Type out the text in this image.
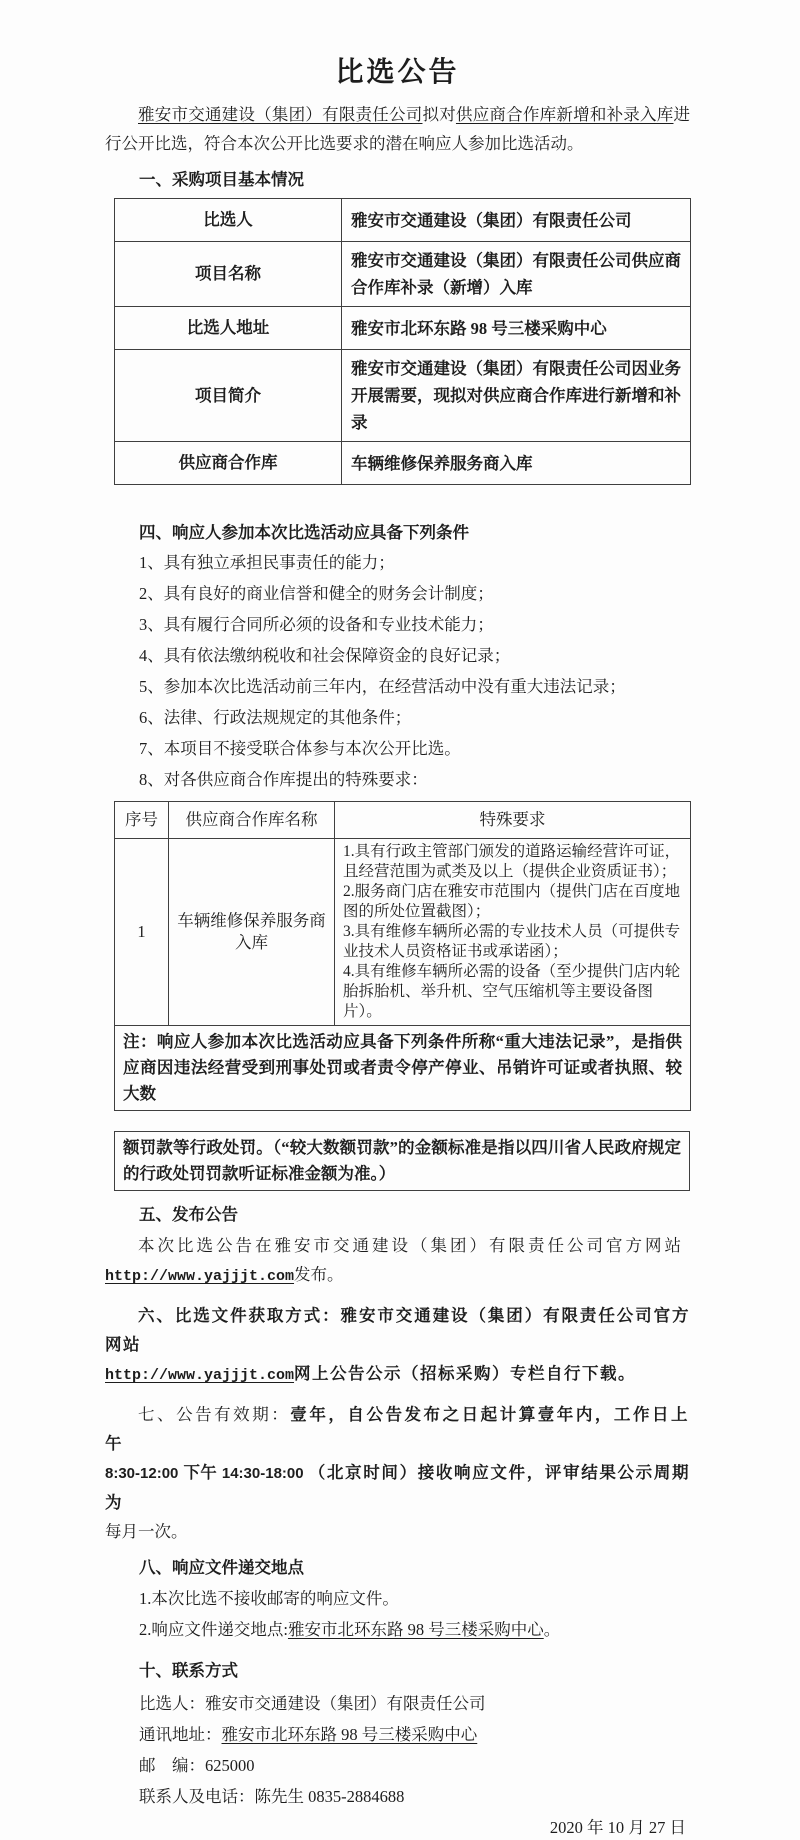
比选公告
雅安市交通建设（集团）有限责任公司拟对供应商合作库新增和补录入库进行公开比选，符合本次公开比选要求的潜在响应人参加比选活动。
一、采购项目基本情况
比选人	雅安市交通建设（集团）有限责任公司
项目名称	雅安市交通建设（集团）有限责任公司供应商合作库补录（新增）入库
比选人地址	雅安市北环东路 98 号三楼采购中心
项目简介	雅安市交通建设（集团）有限责任公司因业务开展需要，现拟对供应商合作库进行新增和补录
供应商合作库	车辆维修保养服务商入库
四、响应人参加本次比选活动应具备下列条件
1、具有独立承担民事责任的能力；
2、具有良好的商业信誉和健全的财务会计制度；
3、具有履行合同所必须的设备和专业技术能力；
4、具有依法缴纳税收和社会保障资金的良好记录；
5、参加本次比选活动前三年内，在经营活动中没有重大违法记录；
6、法律、行政法规规定的其他条件；
7、本项目不接受联合体参与本次公开比选。
8、对各供应商合作库提出的特殊要求：
序号	供应商合作库名称	特殊要求
1	车辆维修保养服务商入库	1.具有行政主管部门颁发的道路运输经营许可证，且经营范围为贰类及以上（提供企业资质证书）；
2.服务商门店在雅安市范围内（提供门店在百度地图的所处位置截图）；
3.具有维修车辆所必需的专业技术人员（可提供专业技术人员资格证书或承诺函）；
4.具有维修车辆所必需的设备（至少提供门店内轮胎拆胎机、举升机、空气压缩机等主要设备图片）。

注：响应人参加本次比选活动应具备下列条件所称“重大违法记录”，是指供应商因违法经营受到刑事处罚或者责令停产停业、吊销许可证或者执照、较大数		
额罚款等行政处罚。（“较大数额罚款”的金额标准是指以四川省人民政府规定的行政处罚罚款听证标准金额为准。）
五、发布公告
本次比选公告在雅安市交通建设（集团）有限责任公司官方网站
http://www.yajjjt.com发布。
六、比选文件获取方式：雅安市交通建设（集团）有限责任公司官方网站
http://www.yajjjt.com网上公告公示（招标采购）专栏自行下载。
七、公告有效期：壹年，自公告发布之日起计算壹年内，工作日上午
8:30-12:00 下午 14:30-18:00 （北京时间）接收响应文件，评审结果公示周期为
每月一次。
八、响应文件递交地点
1.本次比选不接收邮寄的响应文件。
2.响应文件递交地点:雅安市北环东路 98 号三楼采购中心。
十、联系方式
比选人：雅安市交通建设（集团）有限责任公司
通讯地址：雅安市北环东路 98 号三楼采购中心
邮　编：625000
联系人及电话：陈先生 0835-2884688
2020 年 10 月 27 日
